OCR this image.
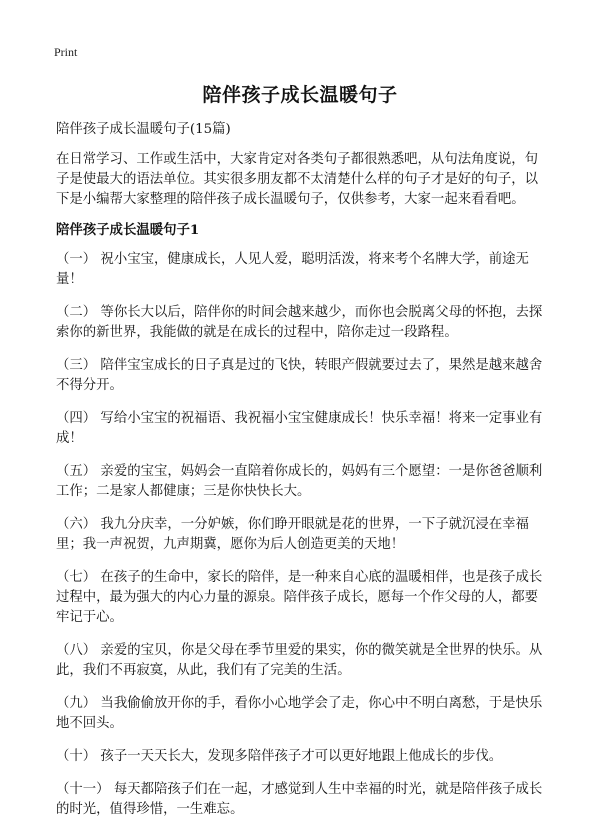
Print
陪伴孩子成长温暖句子

陪伴孩子成长温暖句子(15篇)

在日常学习、工作或生活中，大家肯定对各类句子都很熟悉吧，从句法角度说，句子是使最大的语法单位。其实很多朋友都不太清楚什么样的句子才是好的句子，以下是小编帮大家整理的陪伴孩子成长温暖句子，仅供参考，大家一起来看看吧。

陪伴孩子成长温暖句子1

（一） 祝小宝宝，健康成长，人见人爱，聪明活泼，将来考个名牌大学，前途无量！
（二） 等你长大以后，陪伴你的时间会越来越少，而你也会脱离父母的怀抱，去探索你的新世界，我能做的就是在成长的过程中，陪你走过一段路程。
（三） 陪伴宝宝成长的日子真是过的飞快，转眼产假就要过去了，果然是越来越舍不得分开。
（四） 写给小宝宝的祝福语、我祝福小宝宝健康成长！快乐幸福！将来一定事业有成！
（五） 亲爱的宝宝，妈妈会一直陪着你成长的，妈妈有三个愿望：一是你爸爸顺利工作；二是家人都健康；三是你快快长大。
（六） 我九分庆幸，一分妒嫉，你们睁开眼就是花的世界，一下子就沉浸在幸福里；我一声祝贺，九声期冀，愿你为后人创造更美的天地！
（七） 在孩子的生命中，家长的陪伴，是一种来自心底的温暖相伴，也是孩子成长过程中，最为强大的内心力量的源泉。陪伴孩子成长，愿每一个作父母的人，都要牢记于心。
（八） 亲爱的宝贝，你是父母在季节里爱的果实，你的微笑就是全世界的快乐。从此，我们不再寂寞，从此，我们有了完美的生活。
（九） 当我偷偷放开你的手，看你小心地学会了走，你心中不明白离愁，于是快乐地不回头。
（十） 孩子一天天长大，发现多陪伴孩子才可以更好地跟上他成长的步伐。
（十一） 每天都陪孩子们在一起，才感觉到人生中幸福的时光，就是陪伴孩子成长的时光，值得珍惜，一生难忘。
